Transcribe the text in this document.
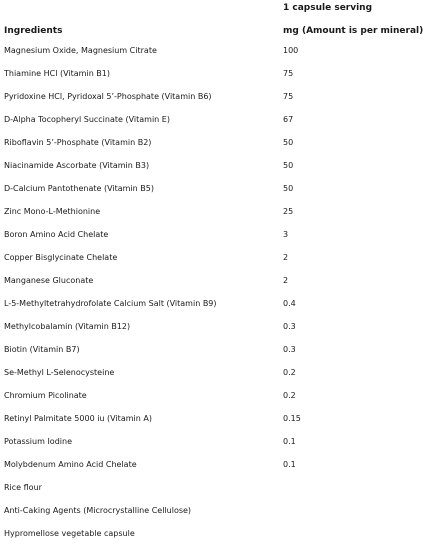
1 capsule serving
Ingredients	mg (Amount is per mineral)
Magnesium Oxide, Magnesium Citrate	100
Thiamine HCl (Vitamin B1)	75
Pyridoxine HCl, Pyridoxal 5’-Phosphate (Vitamin B6)	75
D-Alpha Tocopheryl Succinate (Vitamin E)	67
Riboflavin 5’-Phosphate (Vitamin B2)	50
Niacinamide Ascorbate (Vitamin B3)	50
D-Calcium Pantothenate (Vitamin B5)	50
Zinc Mono-L-Methionine	25
Boron Amino Acid Chelate	3
Copper Bisglycinate Chelate	2
Manganese Gluconate	2
L-5-Methyltetrahydrofolate Calcium Salt (Vitamin B9)	0.4
Methylcobalamin (Vitamin B12)	0.3
Biotin (Vitamin B7)	0.3
Se-Methyl L-Selenocysteine	0.2
Chromium Picolinate	0.2
Retinyl Palmitate 5000 iu (Vitamin A)	0.15
Potassium Iodine	0.1
Molybdenum Amino Acid Chelate	0.1
Rice flour
Anti-Caking Agents (Microcrystalline Cellulose)
Hypromellose vegetable capsule
